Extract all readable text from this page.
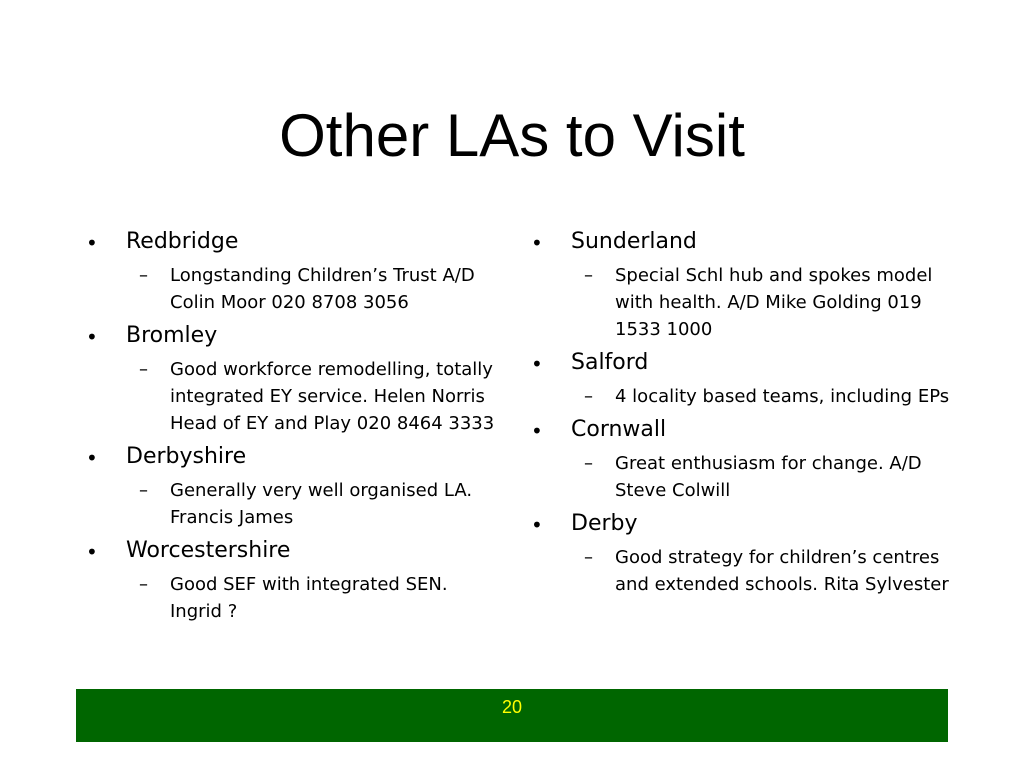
Other LAs to Visit
• Redbridge
– Longstanding Children’s Trust A/D Colin Moor 020 8708 3056
• Bromley
– Good workforce remodelling, totally integrated EY service. Helen Norris Head of EY and Play 020 8464 3333
• Derbyshire
– Generally very well organised LA. Francis James
• Worcestershire
– Good SEF with integrated SEN. Ingrid ?
• Sunderland
– Special Schl hub and spokes model with health. A/D Mike Golding 019 1533 1000
• Salford
– 4 locality based teams, including EPs
• Cornwall
– Great enthusiasm for change. A/D Steve Colwill
• Derby
– Good strategy for children’s centres and extended schools. Rita Sylvester
20
